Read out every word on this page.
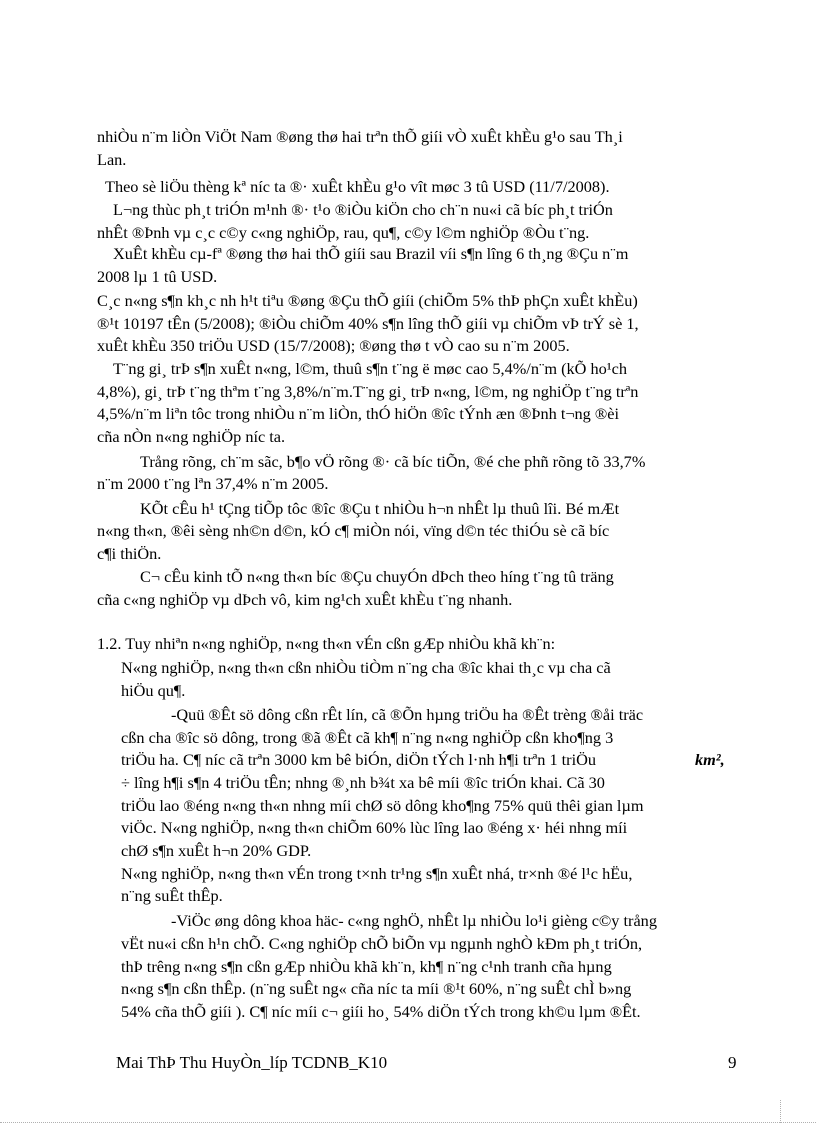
nhiÒu n¨m liÒn ViÖt Nam ®øng thø hai trªn thÕ giíi vÒ xuÊt khÈu g¹o sau Th¸i
Lan.
Theo sè liÖu thèng kª níc ta ®· xuÊt khÈu g¹o vît møc 3 tû USD (11/7/2008).
L¬ng thùc ph¸t triÓn m¹nh ®· t¹o ®iÒu kiÖn cho ch¨n nu«i cã bíc ph¸t triÓn
nhÊt ®Þnh vµ c¸c c©y c«ng nghiÖp, rau, qu¶, c©y l©m nghiÖp ®Òu t¨ng.
XuÊt khÈu cµ-fª ®øng thø hai thÕ giíi sau Brazil víi s¶n lîng 6 th¸ng ®Çu n¨m
2008 lµ 1 tû USD.
C¸c n«ng s¶n kh¸c nh h¹t tiªu ®øng ®Çu thÕ giíi (chiÕm 5% thÞ phÇn xuÊt khÈu)
®¹t 10197 tÊn (5/2008); ®iÒu chiÕm 40% s¶n lîng thÕ giíi vµ chiÕm vÞ trÝ sè 1,
xuÊt khÈu 350 triÖu USD (15/7/2008); ®øng thø t vÒ cao su n¨m 2005.
T¨ng gi¸ trÞ s¶n xuÊt n«ng, l©m, thuû s¶n t¨ng ë møc cao 5,4%/n¨m (kÕ ho¹ch
4,8%), gi¸ trÞ t¨ng thªm t¨ng 3,8%/n¨m.T¨ng gi¸ trÞ n«ng, l©m, ng nghiÖp t¨ng trªn
4,5%/n¨m liªn tôc trong nhiÒu n¨m liÒn, thÓ hiÖn ®îc tÝnh æn ®Þnh t¬ng ®èi
cña nÒn n«ng nghiÖp níc ta.
Trång rõng, ch¨m sãc, b¶o vÖ rõng ®· cã bíc tiÕn, ®é che phñ rõng tõ 33,7%
n¨m 2000 t¨ng lªn 37,4% n¨m 2005.
KÕt cÊu h¹ tÇng tiÕp tôc ®îc ®Çu t nhiÒu h¬n nhÊt lµ thuû lîi. Bé mÆt
n«ng th«n, ®êi sèng nh©n d©n, kÓ c¶ miÒn nói, vïng d©n téc thiÓu sè cã bíc
c¶i thiÖn.
C¬ cÊu kinh tÕ n«ng th«n bíc ®Çu chuyÓn dÞch theo híng t¨ng tû träng
cña c«ng nghiÖp vµ dÞch vô, kim ng¹ch xuÊt khÈu t¨ng nhanh.
1.2. Tuy nhiªn n«ng nghiÖp, n«ng th«n vÉn cßn gÆp nhiÒu khã kh¨n:
N«ng nghiÖp, n«ng th«n cßn nhiÒu tiÒm n¨ng cha ®îc khai th¸c vµ cha cã
hiÖu qu¶.
-Quü ®Êt sö dông cßn rÊt lín, cã ®Õn hµng triÖu ha ®Êt trèng ®åi träc
cßn cha ®îc sö dông, trong ®ã ®Êt cã kh¶ n¨ng n«ng nghiÖp cßn kho¶ng 3
triÖu ha. C¶ níc cã trªn 3000 km bê biÓn, diÖn tÝch l·nh h¶i trªn 1 triÖu	km²,
÷ lîng h¶i s¶n 4 triÖu tÊn; nhng ®¸nh b¾t xa bê míi ®îc triÓn khai. Cã 30
triÖu lao ®éng n«ng th«n nhng míi chØ sö dông kho¶ng 75% quü thêi gian lµm
viÖc. N«ng nghiÖp, n«ng th«n chiÕm 60% lùc lîng lao ®éng x· héi nhng míi
chØ s¶n xuÊt h¬n 20% GDP.
N«ng nghiÖp, n«ng th«n vÉn trong t×nh tr¹ng s¶n xuÊt nhá, tr×nh ®é l¹c hËu,
n¨ng suÊt thÊp.
-ViÖc øng dông khoa häc- c«ng nghÖ, nhÊt lµ nhiÒu lo¹i gièng c©y trång
vËt nu«i cßn h¹n chÕ. C«ng nghiÖp chÕ biÕn vµ ngµnh nghÒ kÐm ph¸t triÓn,
thÞ trêng n«ng s¶n cßn gÆp nhiÒu khã kh¨n, kh¶ n¨ng c¹nh tranh cña hµng
n«ng s¶n cßn thÊp. (n¨ng suÊt ng« cña níc ta míi ®¹t 60%, n¨ng suÊt chÌ b»ng
54% cña thÕ giíi ). C¶ níc míi c¬ giíi ho¸ 54% diÖn tÝch trong kh©u lµm ®Êt.
Mai ThÞ Thu HuyÒn_líp TCDNB_K10	9
